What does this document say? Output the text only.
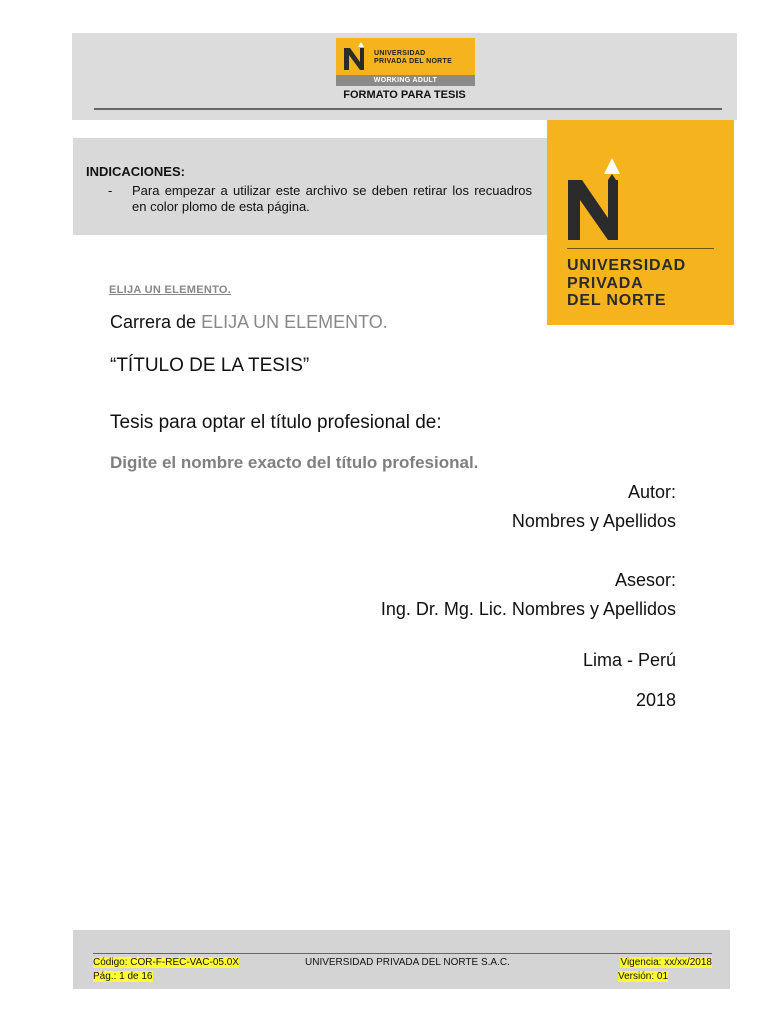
UNIVERSIDAD
PRIVADA DEL NORTE
WORKING ADULT
FORMATO PARA TESIS
INDICACIONES:
- Para empezar a utilizar este archivo se deben retirar los recuadros en color plomo de esta página.
UNIVERSIDAD
PRIVADA
DEL NORTE
ELIJA UN ELEMENTO.
Carrera de ELIJA UN ELEMENTO.
“TÍTULO DE LA TESIS”
Tesis para optar el título profesional de:
Digite el nombre exacto del título profesional.
Autor:
Nombres y Apellidos
Asesor:
Ing. Dr. Mg. Lic. Nombres y Apellidos
Lima - Perú
2018
Código: COR-F-REC-VAC-05.0X
Pág.: 1 de 16
UNIVERSIDAD PRIVADA DEL NORTE S.A.C.	Vigencia: xx/xx/2018
Versión: 01
